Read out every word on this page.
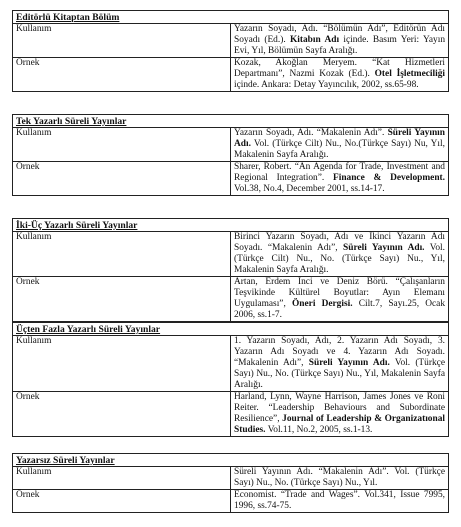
Editörlü Kitaptan Bölüm	
Kullanım	Yazarın Soyadı, Adı. “Bölümün Adı”, Editörün Adı Soyadı (Ed.). Kitabın Adı içinde. Basım Yeri: Yayın Evi, Yıl, Bölümün Sayfa Aralığı.
Örnek	Kozak, Akoğlan Meryem. “Kat Hizmetleri Departmanı”, Nazmi Kozak (Ed.). Otel İşletmeciliği içinde. Ankara: Detay Yayıncılık, 2002, ss.65-98.
Tek Yazarlı Süreli Yayınlar	
Kullanım	Yazarın Soyadı, Adı. “Makalenin Adı”. Süreli Yayının Adı. Vol. (Türkçe Cilt) Nu., No.(Türkçe Sayı) Nu, Yıl, Makalenin Sayfa Aralığı.
Örnek	Sharer, Robert. “An Agenda for Trade, Investment and Regional Integration”. Finance & Development. Vol.38, No.4, December 2001, ss.14-17.
İki-Üç Yazarlı Süreli Yayınlar	
Kullanım	Birinci Yazarın Soyadı, Adı ve İkinci Yazarın Adı Soyadı. “Makalenin Adı”, Süreli Yayının Adı. Vol. (Türkçe Cilt) Nu., No. (Türkçe Sayı) Nu., Yıl, Makalenin Sayfa Aralığı.
Örnek	Artan, Erdem İnci ve Deniz Börü. “Çalışanların Teşvikinde Kültürel Boyutlar: Ayın Elemanı Uygulaması”, Öneri Dergisi. Cilt.7, Sayı.25, Ocak 2006, ss.1-7.
Üçten Fazla Yazarlı Süreli Yayınlar	
Kullanım	1. Yazarın Soyadı, Adı, 2. Yazarın Adı Soyadı, 3. Yazarın Adı Soyadı ve 4. Yazarın Adı Soyadı. “Makalenin Adı”, Süreli Yayının Adı. Vol. (Türkçe Sayı) Nu., No. (Türkçe Sayı) Nu., Yıl, Makalenin Sayfa Aralığı.
Örnek	Harland, Lynn, Wayne Harrison, James Jones ve Roni Reiter. “Leadership Behaviours and Subordinate Resilience”, Journal of Leadership & Organizatıonal Studies. Vol.11, No.2, 2005, ss.1-13.
Yazarsız Süreli Yayınlar	
Kullanım	Süreli Yayının Adı. “Makalenin Adı”. Vol. (Türkçe Sayı) Nu., No. (Türkçe Sayı) Nu., Yıl.
Örnek	Economist. “Trade and Wages”. Vol.341, Issue 7995, 1996, ss.74-75.
